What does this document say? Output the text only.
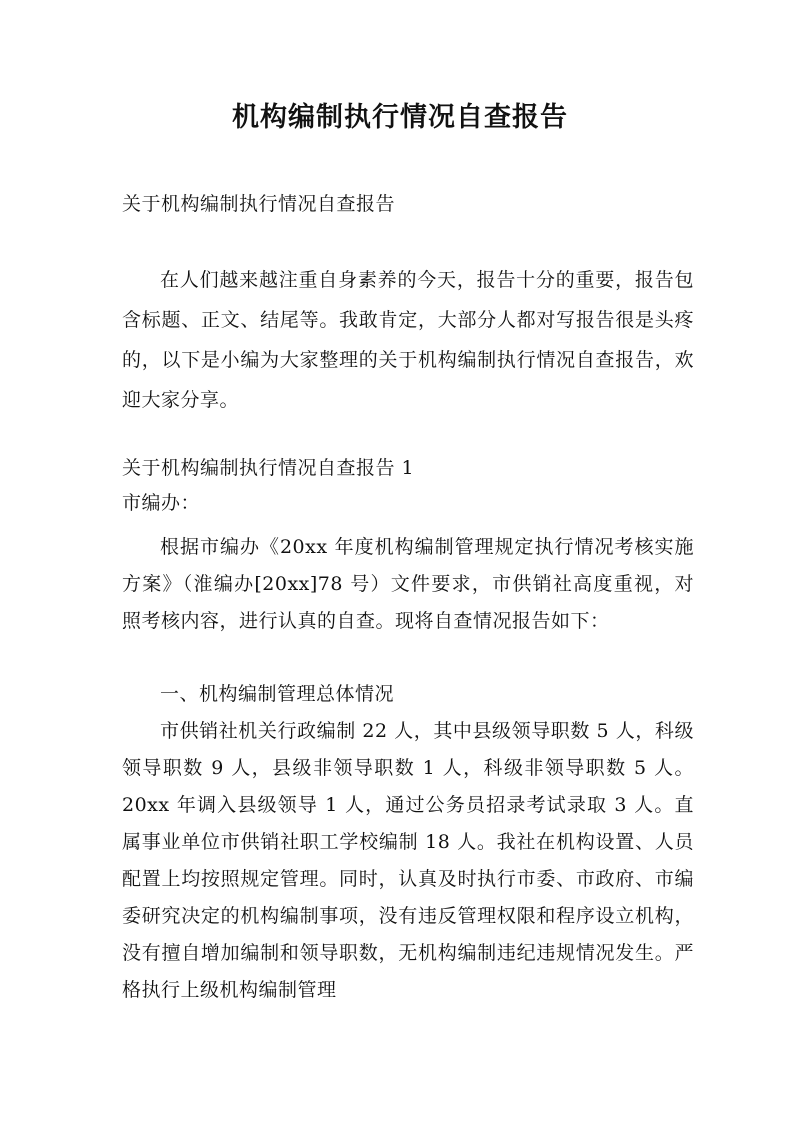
机构编制执行情况自查报告

关于机构编制执行情况自查报告

在人们越来越注重自身素养的今天，报告十分的重要，报告包含标题、正文、结尾等。我敢肯定，大部分人都对写报告很是头疼的，以下是小编为大家整理的关于机构编制执行情况自查报告，欢迎大家分享。

关于机构编制执行情况自查报告 1

市编办：

根据市编办《20xx 年度机构编制管理规定执行情况考核实施方案》（淮编办[20xx]78 号）文件要求，市供销社高度重视，对照考核内容，进行认真的自查。现将自查情况报告如下：

一、机构编制管理总体情况

市供销社机关行政编制 22 人，其中县级领导职数 5 人，科级领导职数 9 人，县级非领导职数 1 人，科级非领导职数 5 人。20xx 年调入县级领导 1 人，通过公务员招录考试录取 3 人。直属事业单位市供销社职工学校编制 18 人。我社在机构设置、人员配置上均按照规定管理。同时，认真及时执行市委、市政府、市编委研究决定的机构编制事项，没有违反管理权限和程序设立机构，没有擅自增加编制和领导职数，无机构编制违纪违规情况发生。严格执行上级机构编制管理
